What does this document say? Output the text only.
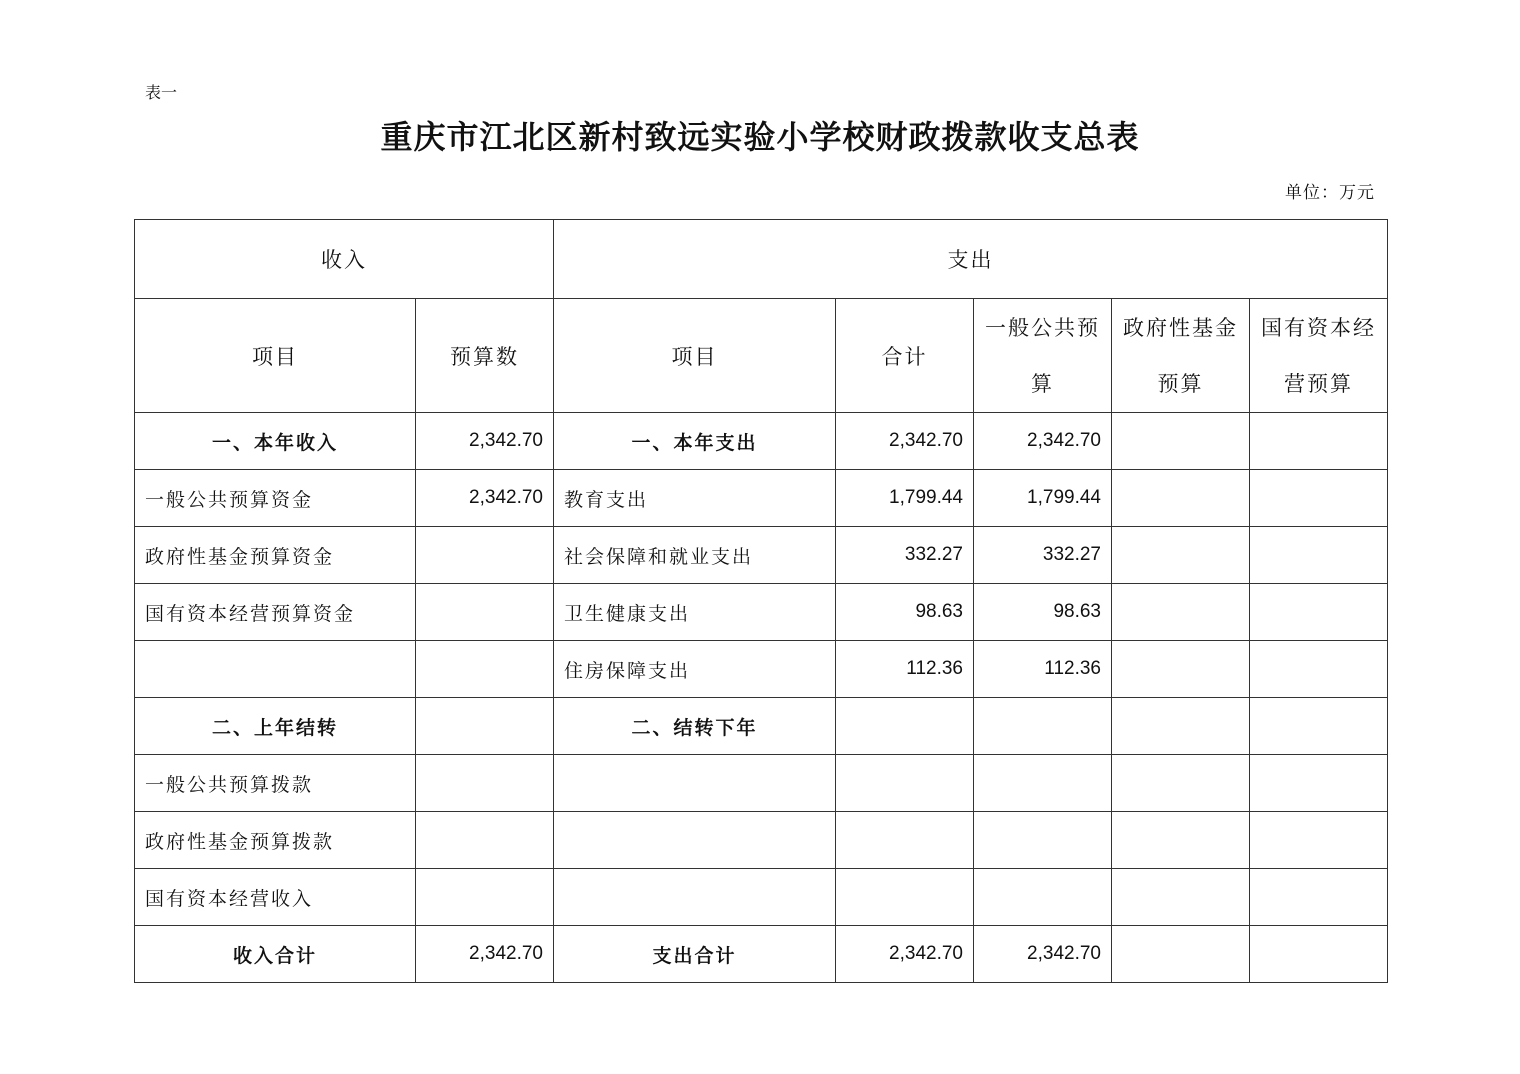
表一
重庆市江北区新村致远实验小学校财政拨款收支总表
单位：万元
收入		支出				
项目	预算数	项目	合计	一般公共预算	政府性基金预算	国有资本经营预算
一、本年收入	2,342.70	一、本年支出	2,342.70	2,342.70		
一般公共预算资金	2,342.70	教育支出	1,799.44	1,799.44		
政府性基金预算资金		社会保障和就业支出	332.27	332.27		
国有资本经营预算资金		卫生健康支出	98.63	98.63		
		住房保障支出	112.36	112.36		
二、上年结转		二、结转下年				
一般公共预算拨款						
政府性基金预算拨款						
国有资本经营收入						
收入合计	2,342.70	支出合计	2,342.70	2,342.70		
